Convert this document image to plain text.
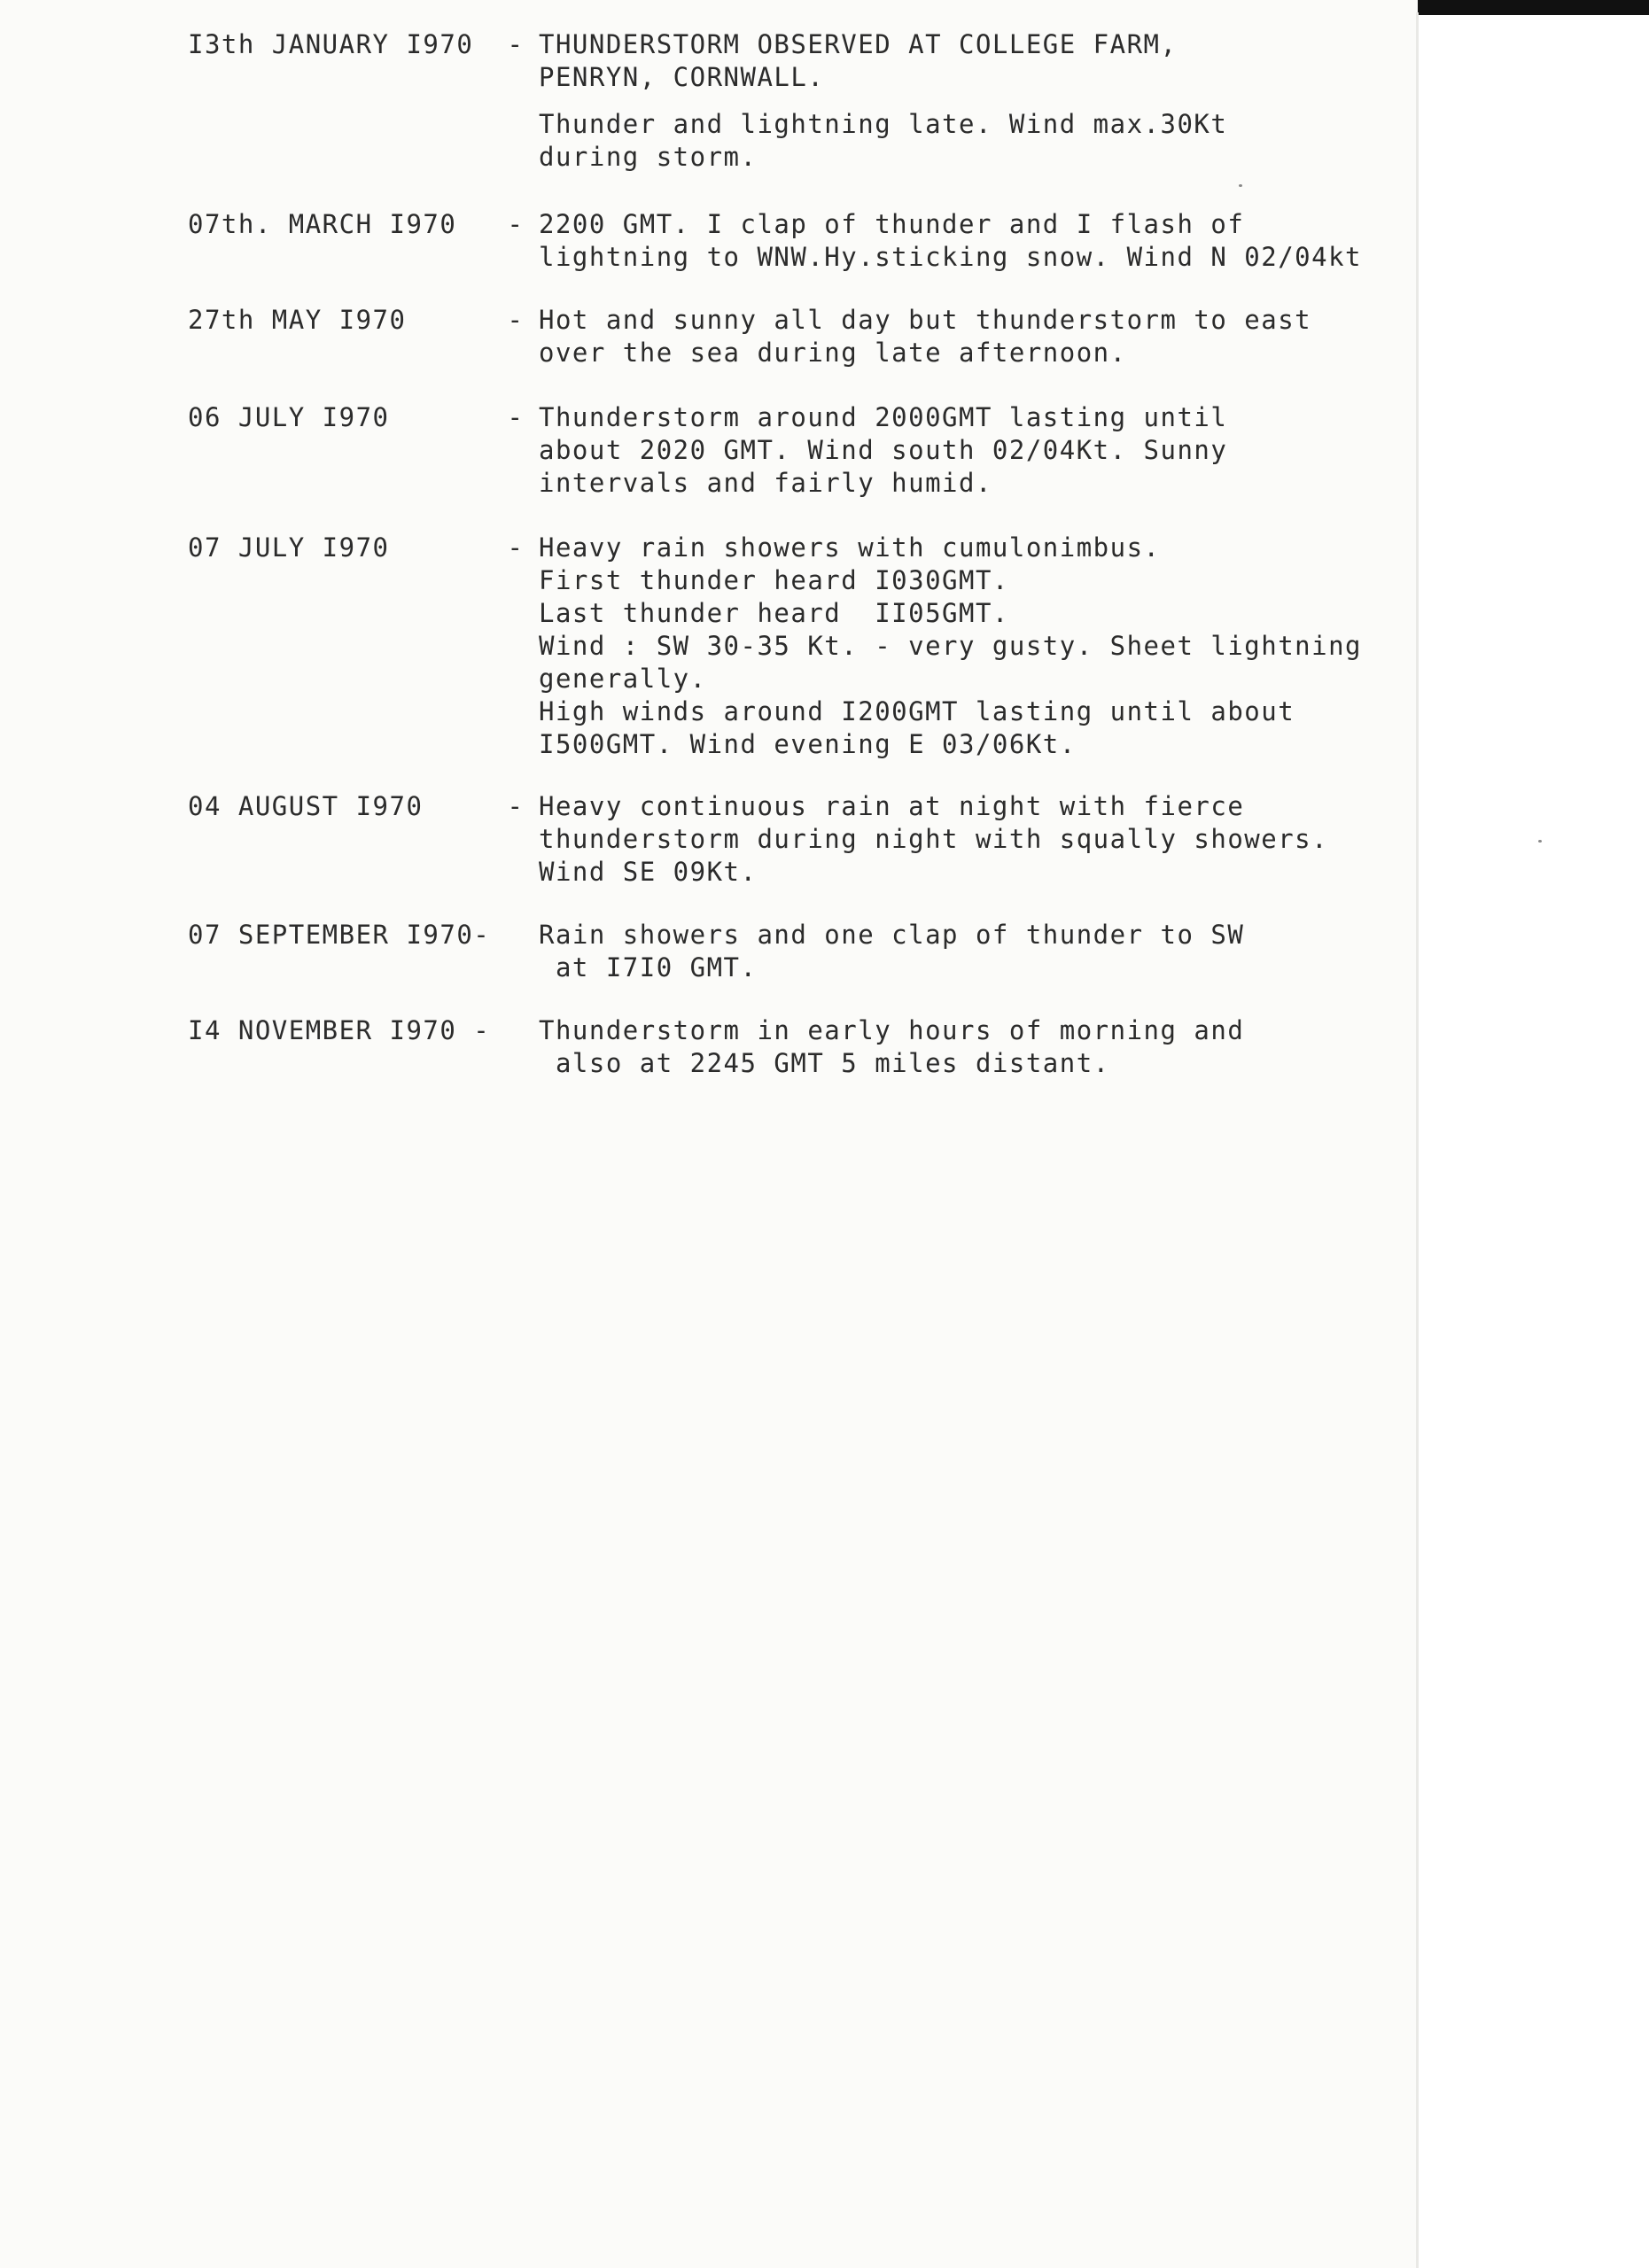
I3th JANUARY I970	- THUNDERSTORM OBSERVED AT COLLEGE FARM,
PENRYN, CORNWALL.
Thunder and lightning late. Wind max.30Kt
during storm.
07th. MARCH I970	- 2200 GMT. I clap of thunder and I flash of
lightning to WNW.Hy.sticking snow. Wind N 02/04kt
27th MAY I970	- Hot and sunny all day but thunderstorm to east
over the sea during late afternoon.
06 JULY I970	- Thunderstorm around 2000GMT lasting until
about 2020 GMT. Wind south 02/04Kt. Sunny
intervals and fairly humid.
07 JULY I970	- Heavy rain showers with cumulonimbus.
First thunder heard I030GMT.
Last thunder heard  II05GMT.
Wind : SW 30-35 Kt. - very gusty. Sheet lightning
generally.
High winds around I200GMT lasting until about
I500GMT. Wind evening E 03/06Kt.
04 AUGUST I970	- Heavy continuous rain at night with fierce
thunderstorm during night with squally showers.
Wind SE 09Kt.
07 SEPTEMBER I970- Rain showers and one clap of thunder to SW
at I7I0 GMT.
I4 NOVEMBER I970 - Thunderstorm in early hours of morning and
also at 2245 GMT 5 miles distant.
